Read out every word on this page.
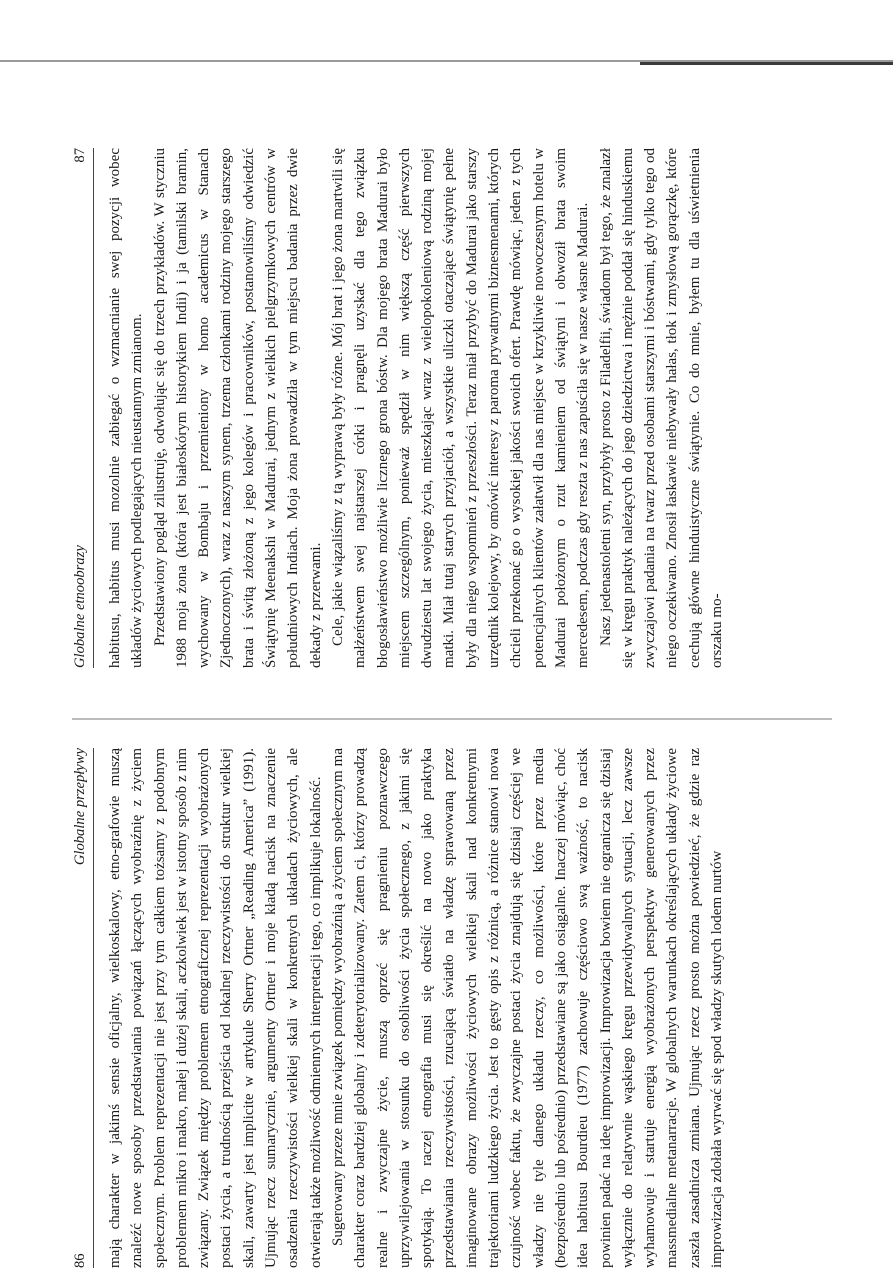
86
Globalne przepływy mają charakter w jakimś sensie oficjalny, wielkoskalowy, etno-grafowie muszą znaleźć nowe sposoby przedstawiania powiązań łączących wyobraźnię z życiem społecznym. Problem reprezentacji nie jest przy tym całkiem tożsamy z podobnym problemem mikro i makro, małej i dużej skali, aczkolwiek jest w istotny sposób z nim związany. Związek między problemem etnograficznej reprezentacji wyobrażonych postaci życia, a trudnością przejścia od lokalnej rzeczywistości do struktur wielkiej skali, zawarty jest implicite w artykule Sherry Ortner „Reading America” (1991). Ujmując rzecz sumarycznie, argumenty Ortner i moje kładą nacisk na znaczenie osadzenia rzeczywistości wielkiej skali w konkretnych układach życiowych, ale otwierają także możliwość odmiennych interpretacji tego, co implikuje lokalność. Sugerowany przeze mnie związek pomiędzy wyobraźnią a życiem społecznym ma charakter coraz bardziej globalny i zdeterytorializowany. Zatem ci, którzy prowadzą realne i zwyczajne życie, muszą oprzeć się pragnieniu poznawczego uprzywilejowania w stosunku do osobliwości życia społecznego, z jakimi się spotykają. To raczej etnografia musi się określić na nowo jako praktyka przedstawiania rzeczywistości, rzucającą światło na władzę sprawowaną przez imaginowane obrazy możliwości życiowych wielkiej skali nad konkretnymi trajektoriami ludzkiego życia. Jest to gęsty opis z różnicą, a różnice stanowi nowa czujność wobec faktu, że zwyczajne postaci życia znajdują się dzisiaj częściej we władzy nie tyle danego układu rzeczy, co możliwości, które przez media (bezpośrednio lub pośrednio) przedstawiane są jako osiągalne. Inaczej mówiąc, choć idea habitusu Bourdieu (1977) zachowuje częściowo swą ważność, to nacisk powinien padać na ideę improwizacji. Improwizacja bowiem nie ogranicza się dzisiaj wyłącznie do relatywnie wąskiego kręgu przewidywalnych sytuacji, lecz zawsze wyhamowuje i startuje energią wyobrażonych perspektyw generowanych przez massmedialne metanarracje. W globalnych warunkach określających układy życiowe zaszła zasadnicza zmiana. Ujmując rzecz prosto można powiedzieć, że gdzie raz improwizacja zdołała wyrwać się spod władzy skutych lodem nurtów

Globalne etnoobrazy
87 habitusu, habitus musi mozolnie zabiegać o wzmacnianie swej pozycji wobec układów życiowych podlegających nieustannym zmianom. Przedstawiony pogląd zilustruję, odwołując się do trzech przykładów. W styczniu 1988 moja żona (która jest białoskórym historykiem Indii) i ja (tamilski bramin, wychowany w Bombaju i przemieniony w homo academicus w Stanach Zjednoczonych), wraz z naszym synem, trzema członkami rodziny mojego starszego brata i świtą złożoną z jego kolegów i pracowników, postanowiliśmy odwiedzić Świątynię Meenakshi w Madurai, jednym z wielkich pielgrzymkowych centrów w południowych Indiach. Moja żona prowadziła w tym miejscu badania przez dwie dekady z przerwami. Cele, jakie wiązaliśmy z tą wyprawą były różne. Mój brat i jego żona martwili się małżeństwem swej najstarszej córki i pragnęli uzyskać dla tego związku błogosławieństwo możliwie licznego grona bóstw. Dla mojego brata Madurai było miejscem szczególnym, ponieważ spędził w nim większą część pierwszych dwudziestu lat swojego życia, mieszkając wraz z wielopokoleniową rodziną mojej matki. Miał tutaj starych przyjaciół, a wszystkie uliczki otaczające świątynię pełne były dla niego wspomnień z przeszłości. Teraz miał przybyć do Madurai jako starszy urzędnik kolejowy, by omówić interesy z paroma prywatnymi biznesmenami, których chcieli przekonać go o wysokiej jakości swoich ofert. Prawdę mówiąc, jeden z tych potencjalnych klientów załatwił dla nas miejsce w krzykliwie nowoczesnym hotelu w Madurai położonym o rzut kamieniem od świątyni i obwoził brata swoim mercedesem, podczas gdy reszta z nas zapuściła się w nasze własne Madurai. Nasz jedenastoletni syn, przybyły prosto z Filadelfii, świadom był tego, że znalazł się w kręgu praktyk należących do jego dziedzictwa i mężnie poddał się hinduskiemu zwyczajowi padania na twarz przed osobami starszymi i bóstwami, gdy tylko tego od niego oczekiwano. Znosił łaskawie niebywały hałas, tłok i zmysłową gorączkę, które cechują główne hinduistyczne świątynie. Co do mnie, byłem tu dla uświetnienia orszaku mo-
